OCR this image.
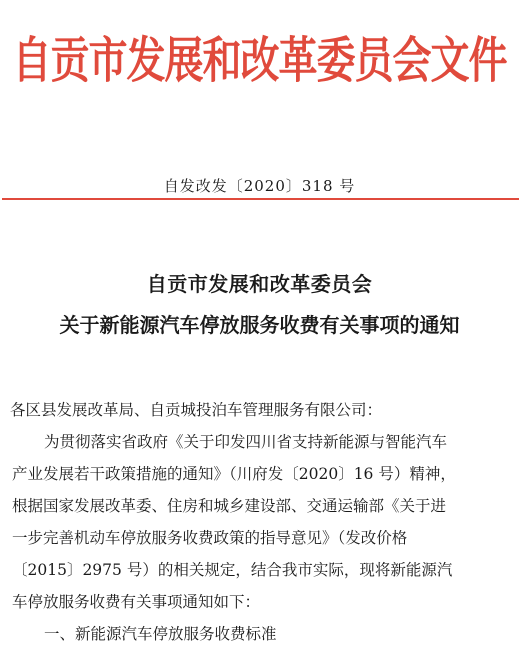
自贡市发展和改革委员会文件
自发改发〔2020〕318 号
自贡市发展和改革委员会
关于新能源汽车停放服务收费有关事项的通知
各区县发展改革局、自贡城投泊车管理服务有限公司：
为贯彻落实省政府《关于印发四川省支持新能源与智能汽车
产业发展若干政策措施的通知》（川府发〔2020〕16 号）精神，
根据国家发展改革委、住房和城乡建设部、交通运输部《关于进
一步完善机动车停放服务收费政策的指导意见》（发改价格
〔2015〕2975 号）的相关规定，结合我市实际，现将新能源汽
车停放服务收费有关事项通知如下：
一、新能源汽车停放服务收费标准
